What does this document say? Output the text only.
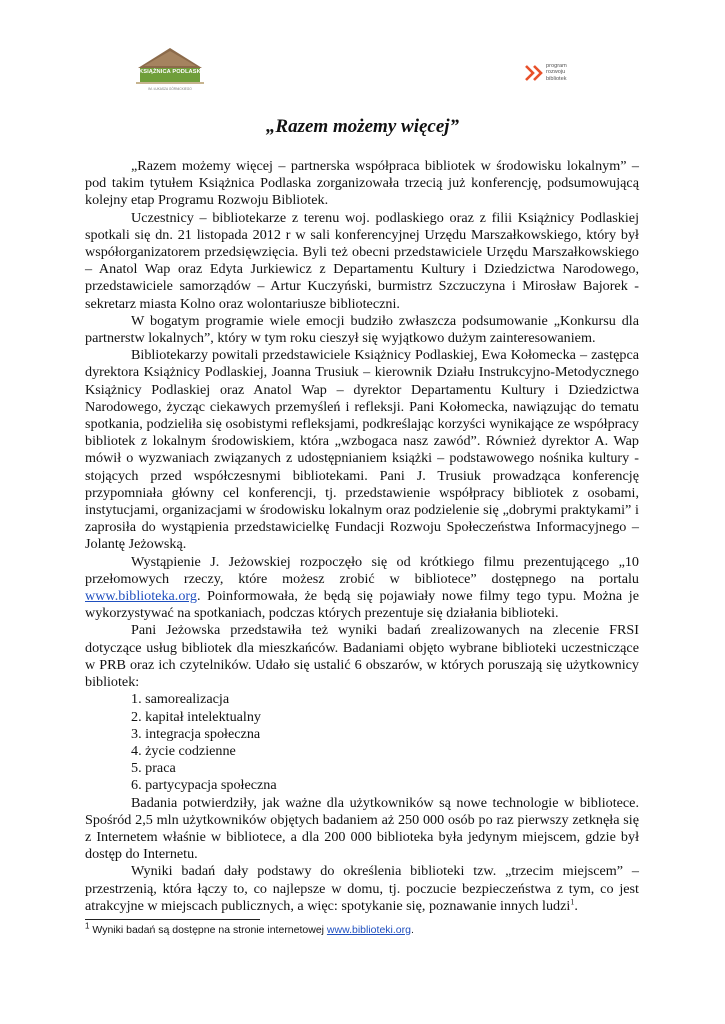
KSIĄŻNICA PODLASKA
IM. ŁUKASZA GÓRNICKIEGO
program
rozwoju
bibliotek
„Razem możemy więcej”

„Razem możemy więcej – partnerska współpraca bibliotek w środowisku lokalnym” – pod takim tytułem Książnica Podlaska zorganizowała trzecią już konferencję, podsumowującą kolejny etap Programu Rozwoju Bibliotek.

Uczestnicy – bibliotekarze z terenu woj. podlaskiego oraz z filii Książnicy Podlaskiej spotkali się dn. 21 listopada 2012 r w sali konferencyjnej Urzędu Marszałkowskiego, który był współorganizatorem przedsięwzięcia. Byli też obecni przedstawiciele Urzędu Marszałkowskiego – Anatol Wap oraz Edyta Jurkiewicz z Departamentu Kultury i Dziedzictwa Narodowego, przedstawiciele samorządów – Artur Kuczyński, burmistrz Szczuczyna i Mirosław Bajorek - sekretarz miasta Kolno oraz wolontariusze biblioteczni.

W bogatym programie wiele emocji budziło zwłaszcza podsumowanie „Konkursu dla partnerstw lokalnych”, który w tym roku cieszył się wyjątkowo dużym zainteresowaniem.

Bibliotekarzy powitali przedstawiciele Książnicy Podlaskiej, Ewa Kołomecka – zastępca dyrektora Książnicy Podlaskiej, Joanna Trusiuk – kierownik Działu Instrukcyjno-Metodycznego Książnicy Podlaskiej oraz Anatol Wap – dyrektor Departamentu Kultury i Dziedzictwa Narodowego, życząc ciekawych przemyśleń i refleksji. Pani Kołomecka, nawiązując do tematu spotkania, podzieliła się osobistymi refleksjami, podkreślając korzyści wynikające ze współpracy bibliotek z lokalnym środowiskiem, która „wzbogaca nasz zawód”. Również dyrektor A. Wap mówił o wyzwaniach związanych z udostępnianiem książki – podstawowego nośnika kultury - stojących przed współczesnymi bibliotekami. Pani J. Trusiuk prowadząca konferencję przypomniała główny cel konferencji, tj. przedstawienie współpracy bibliotek z osobami, instytucjami, organizacjami w środowisku lokalnym oraz podzielenie się „dobrymi praktykami” i zaprosiła do wystąpienia przedstawicielkę Fundacji Rozwoju Społeczeństwa Informacyjnego – Jolantę Jeżowską.

Wystąpienie J. Jeżowskiej rozpoczęło się od krótkiego filmu prezentującego „10 przełomowych rzeczy, które możesz zrobić w bibliotece” dostępnego na portalu www.biblioteka.org. Poinformowała, że będą się pojawiały nowe filmy tego typu. Można je wykorzystywać na spotkaniach, podczas których prezentuje się działania biblioteki.

Pani Jeżowska przedstawiła też wyniki badań zrealizowanych na zlecenie FRSI dotyczące usług bibliotek dla mieszkańców. Badaniami objęto wybrane biblioteki uczestniczące w PRB oraz ich czytelników. Udało się ustalić 6 obszarów, w których poruszają się użytkownicy bibliotek:

1. samorealizacja
2. kapitał intelektualny
3. integracja społeczna
4. życie codzienne
5. praca
6. partycypacja społeczna

Badania potwierdziły, jak ważne dla użytkowników są nowe technologie w bibliotece. Spośród 2,5 mln użytkowników objętych badaniem aż 250 000 osób po raz pierwszy zetknęła się z Internetem właśnie w bibliotece, a dla 200 000 biblioteka była jedynym miejscem, gdzie był dostęp do Internetu.

Wyniki badań dały podstawy do określenia biblioteki tzw. „trzecim miejscem” – przestrzenią, która łączy to, co najlepsze w domu, tj. poczucie bezpieczeństwa z tym, co jest atrakcyjne w miejscach publicznych, a więc: spotykanie się, poznawanie innych ludzi$^1$.

$^1$ Wyniki badań są dostępne na stronie internetowej www.biblioteki.org.
